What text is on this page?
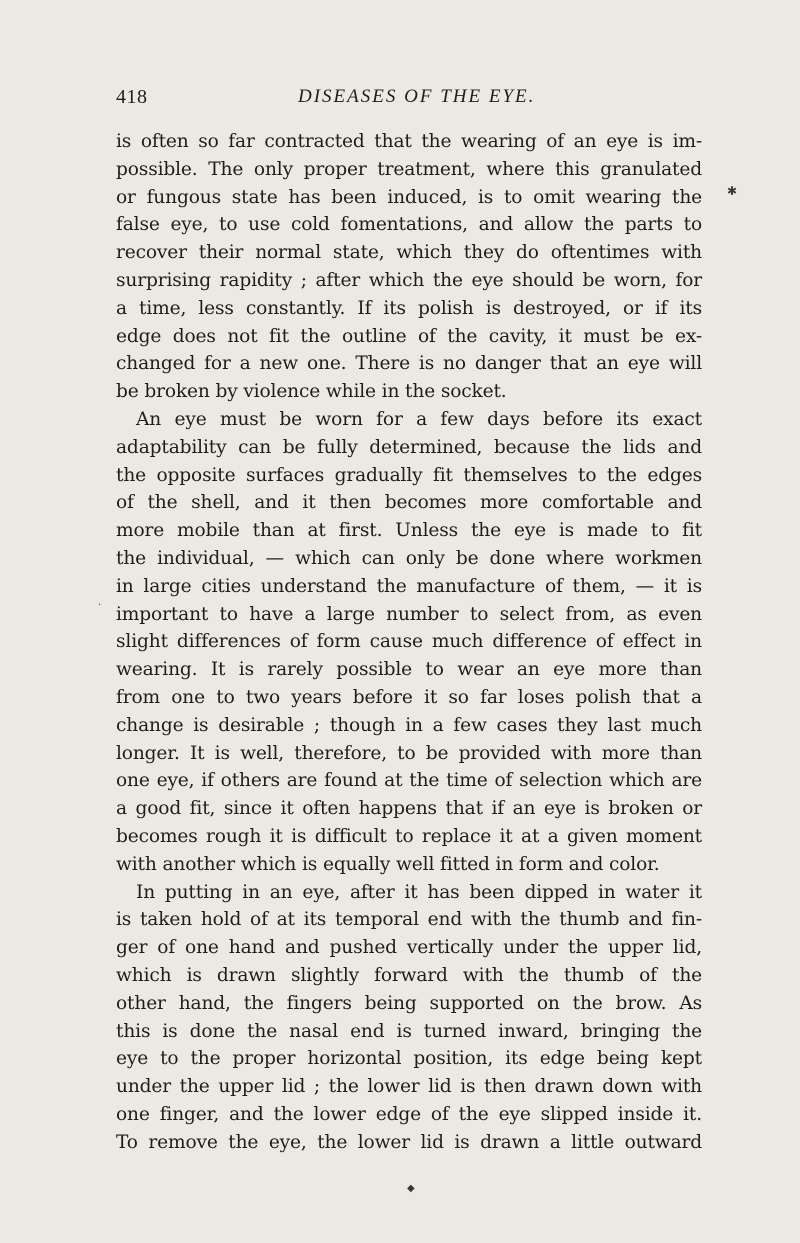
418	DISEASES OF THE EYE.
is often so far contracted that the wearing of an eye is im-
possible. The only proper treatment, where this granulated
or fungous state has been induced, is to omit wearing the
false eye, to use cold fomentations, and allow the parts to
recover their normal state, which they do oftentimes with
surprising rapidity ; after which the eye should be worn, for
a time, less constantly. If its polish is destroyed, or if its
edge does not fit the outline of the cavity, it must be ex-
changed for a new one. There is no danger that an eye will
be broken by violence while in the socket.
An eye must be worn for a few days before its exact
adaptability can be fully determined, because the lids and
the opposite surfaces gradually fit themselves to the edges
of the shell, and it then becomes more comfortable and
more mobile than at first. Unless the eye is made to fit
the individual, — which can only be done where workmen
in large cities understand the manufacture of them, — it is
important to have a large number to select from, as even
slight differences of form cause much difference of effect in
wearing. It is rarely possible to wear an eye more than
from one to two years before it so far loses polish that a
change is desirable ; though in a few cases they last much
longer. It is well, therefore, to be provided with more than
one eye, if others are found at the time of selection which are
a good fit, since it often happens that if an eye is broken or
becomes rough it is difficult to replace it at a given moment
with another which is equally well fitted in form and color.
In putting in an eye, after it has been dipped in water it
is taken hold of at its temporal end with the thumb and fin-
ger of one hand and pushed vertically under the upper lid,
which is drawn slightly forward with the thumb of the
other hand, the fingers being supported on the brow. As
this is done the nasal end is turned inward, bringing the
eye to the proper horizontal position, its edge being kept
under the upper lid ; the lower lid is then drawn down with
one finger, and the lower edge of the eye slipped inside it.
To remove the eye, the lower lid is drawn a little outward
✱
·
◆
